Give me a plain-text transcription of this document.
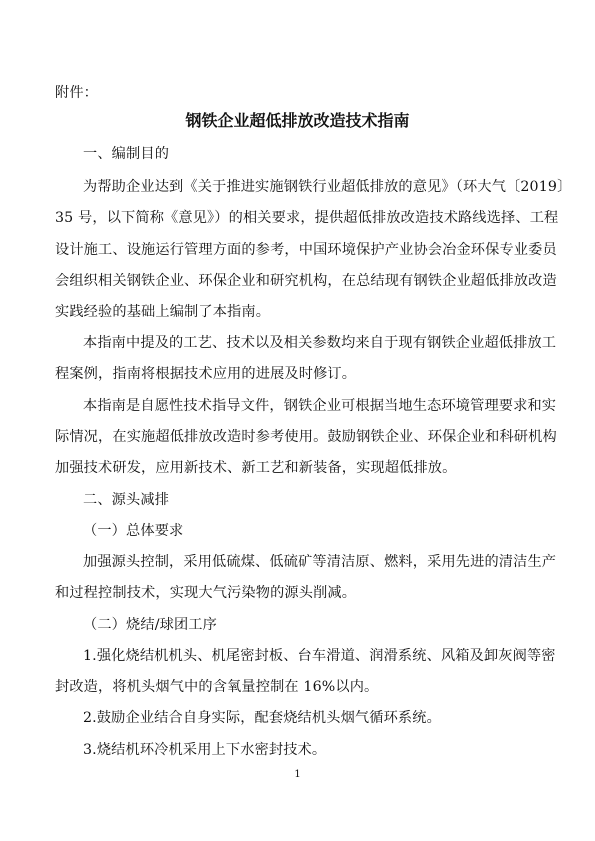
附件：
钢铁企业超低排放改造技术指南
一、编制目的
为帮助企业达到《关于推进实施钢铁行业超低排放的意见》（环大气〔2019〕
35 号，以下简称《意见》）的相关要求，提供超低排放改造技术路线选择、工程
设计施工、设施运行管理方面的参考，中国环境保护产业协会冶金环保专业委员
会组织相关钢铁企业、环保企业和研究机构，在总结现有钢铁企业超低排放改造
实践经验的基础上编制了本指南。
本指南中提及的工艺、技术以及相关参数均来自于现有钢铁企业超低排放工
程案例，指南将根据技术应用的进展及时修订。
本指南是自愿性技术指导文件，钢铁企业可根据当地生态环境管理要求和实
际情况，在实施超低排放改造时参考使用。鼓励钢铁企业、环保企业和科研机构
加强技术研发，应用新技术、新工艺和新装备，实现超低排放。
二、源头减排
（一）总体要求
加强源头控制，采用低硫煤、低硫矿等清洁原、燃料，采用先进的清洁生产
和过程控制技术，实现大气污染物的源头削减。
（二）烧结/球团工序
1.强化烧结机机头、机尾密封板、台车滑道、润滑系统、风箱及卸灰阀等密
封改造，将机头烟气中的含氧量控制在 16%以内。
2.鼓励企业结合自身实际，配套烧结机头烟气循环系统。
3.烧结机环冷机采用上下水密封技术。
1
